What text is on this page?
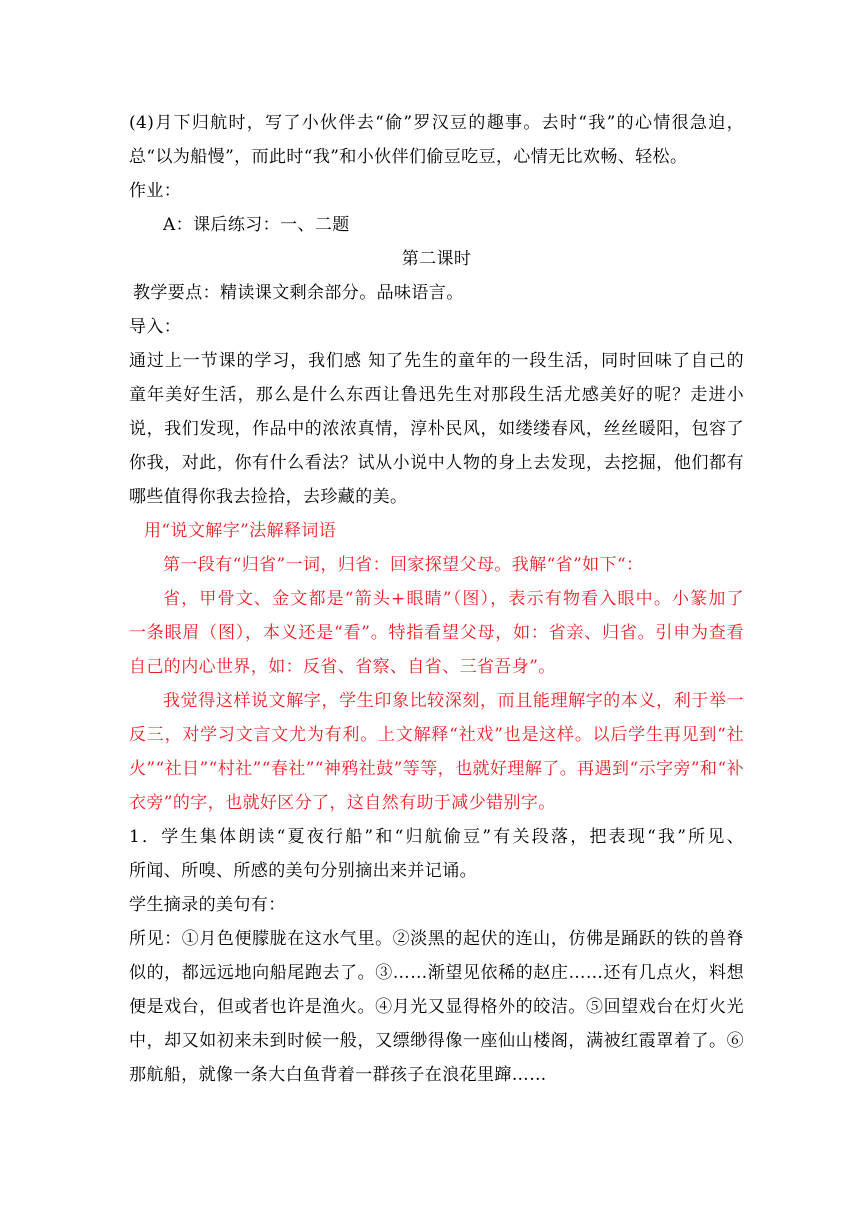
(4)月下归航时，写了小伙伴去“偷”罗汉豆的趣事。去时“我”的心情很急迫，
总“以为船慢”，而此时“我”和小伙伴们偷豆吃豆，心情无比欢畅、轻松。
作业：
A：课后练习：一、二题
第二课时
教学要点：精读课文剩余部分。品味语言。
导入：
通过上一节课的学习，我们感 知了先生的童年的一段生活，同时回味了自己的
童年美好生活，那么是什么东西让鲁迅先生对那段生活尤感美好的呢？走进小
说，我们发现，作品中的浓浓真情，淳朴民风，如缕缕春风，丝丝暖阳，包容了
你我，对此，你有什么看法？试从小说中人物的身上去发现，去挖掘，他们都有
哪些值得你我去捡拾，去珍藏的美。
用“说文解字”法解释词语
第一段有“归省”一词，归省：回家探望父母。我解“省”如下“：
省，甲骨文、金文都是“箭头+眼睛”（图），表示有物看入眼中。小篆加了
一条眼眉（图），本义还是“看”。特指看望父母，如：省亲、归省。引申为查看
自己的内心世界，如：反省、省察、自省、三省吾身”。
我觉得这样说文解字，学生印象比较深刻，而且能理解字的本义，利于举一
反三，对学习文言文尤为有利。上文解释“社戏”也是这样。以后学生再见到“社
火”“社日”“村社”“春社”“神鸦社鼓”等等，也就好理解了。再遇到“示字旁”和“补
衣旁”的字，也就好区分了，这自然有助于减少错别字。
1．学生集体朗读“夏夜行船”和“归航偷豆”有关段落，把表现“我”所见、
所闻、所嗅、所感的美句分别摘出来并记诵。
学生摘录的美句有：
所见：①月色便朦胧在这水气里。②淡黑的起伏的连山，仿佛是踊跃的铁的兽脊
似的，都远远地向船尾跑去了。③……渐望见依稀的赵庄……还有几点火，料想
便是戏台，但或者也许是渔火。④月光又显得格外的皎洁。⑤回望戏台在灯火光
中，却又如初来未到时候一般，又缥缈得像一座仙山楼阁，满被红霞罩着了。⑥
那航船，就像一条大白鱼背着一群孩子在浪花里蹿……
